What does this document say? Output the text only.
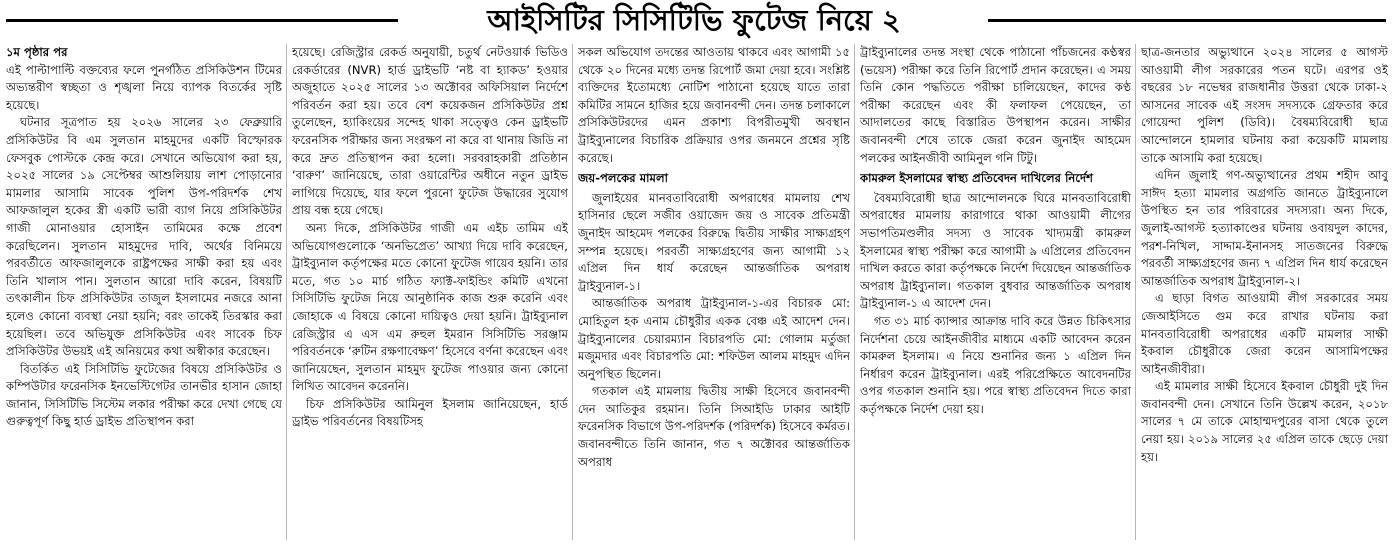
আইসিটির সিসিটিভি ফুটেজ নিয়ে ২

১ম পৃষ্ঠার পর

এই পাল্টাপাল্টি বক্তব্যের ফলে পুনর্গঠিত প্রসিকিউশন টিমের অভ্যন্তরীণ স্বচ্ছতা ও শৃঙ্খলা নিয়ে ব্যাপক বিতর্কের সৃষ্টি হয়েছে।

ঘটনার সূত্রপাত হয় ২০২৬ সালের ২৩ ফেব্রুয়ারি প্রসিকিউটর বি এম সুলতান মাহমুদের একটি বিস্ফোরক ফেসবুক পোস্টকে কেন্দ্র করে। সেখানে অভিযোগ করা হয়, ২০২৫ সালের ১৯ সেপ্টেম্বর আশুলিয়ায় লাশ পোড়ানোর মামলার আসামি সাবেক পুলিশ উপ-পরিদর্শক শেখ আফজালুল হকের স্ত্রী একটি ভারী ব্যাগ নিয়ে প্রসিকিউটর গাজী মোনাওয়ার হোসাইন তামিমের কক্ষে প্রবেশ করেছিলেন। সুলতান মাহমুদের দাবি, অর্থের বিনিময়ে পরবর্তীতে আফজালুলকে রাষ্ট্রপক্ষের সাক্ষী করা হয় এবং তিনি খালাস পান। সুলতান আরো দাবি করেন, বিষয়টি তৎকালীন চিফ প্রসিকিউটর তাজুল ইসলামের নজরে আনা হলেও কোনো ব্যবস্থা নেয়া হয়নি; বরং তাকেই তিরস্কার করা হয়েছিল। তবে অভিযুক্ত প্রসিকিউটর এবং সাবেক চিফ প্রসিকিউটর উভয়ই এই অনিয়মের কথা অস্বীকার করেছেন।

বিতর্কিত এই সিসিটিভি ফুটেজের বিষয়ে প্রসিকিউটর ও কম্পিউটার ফরেনসিক ইনভেস্টিগেটর তানভীর হাসান জোহা জানান, সিসিটিভি সিস্টেম লকার পরীক্ষা করে দেখা গেছে যে গুরুত্বপূর্ণ কিছু হার্ড ড্রাইভ প্রতিস্থাপন করা

হয়েছে। রেজিস্ট্রার রেকর্ড অনুযায়ী, চতুর্থ নেটওয়ার্ক ভিডিও রেকর্ডারের (NVR) হার্ড ড্রাইভটি ‘নষ্ট বা হ্যাকড’ হওয়ার অজুহাতে ২০২৫ সালের ১৩ অক্টোবর অফিসিয়াল নির্দেশে পরিবর্তন করা হয়। তবে বেশ কয়েকজন প্রসিকিউটর প্রশ্ন তুলেছেন, হ্যাকিংয়ের সন্দেহ থাকা সত্ত্বেও কেন ড্রাইভটি ফরেনসিক পরীক্ষার জন্য সংরক্ষণ না করে বা থানায় জিডি না করে দ্রুত প্রতিস্থাপন করা হলো। সরবরাহকারী প্রতিষ্ঠান ‘বারুণ’ জানিয়েছে, তারা ওয়ারেন্টির অধীনে নতুন ড্রাইভ লাগিয়ে দিয়েছে, যার ফলে পুরনো ফুটেজ উদ্ধারের সুযোগ প্রায় বন্ধ হয়ে গেছে।

অন্য দিকে, প্রসিকিউটর গাজী এম এইচ তামিম এই অভিযোগগুলোকে ‘অনভিপ্রেত’ আখ্যা দিয়ে দাবি করেছেন, ট্রাইব্যুনাল কর্তৃপক্ষের মতে কোনো ফুটেজ গায়েব হয়নি। তার মতে, গত ১০ মার্চ গঠিত ফ্যাক্ট-ফাইন্ডিং কমিটি এখনো সিসিটিভি ফুটেজ নিয়ে আনুষ্ঠানিক কাজ শুরু করেনি এবং জোহাকে এ বিষয়ে কোনো দায়িত্বও দেয়া হয়নি। ট্রাইব্যুনাল রেজিস্ট্রার এ এস এম রুহুল ইমরান সিসিটিভি সরঞ্জাম পরিবর্তনকে ‘রুটিন রক্ষণাবেক্ষণ’ হিসেবে বর্ণনা করেছেন এবং জানিয়েছেন, সুলতান মাহমুদ ফুটেজ পাওয়ার জন্য কোনো লিখিত আবেদন করেননি।

চিফ প্রসিকিউটর আমিনুল ইসলাম জানিয়েছেন, হার্ড ড্রাইভ পরিবর্তনের বিষয়টিসহ

সকল অভিযোগ তদন্তের আওতায় থাকবে এবং আগামী ১৫ থেকে ২০ দিনের মধ্যে তদন্ত রিপোর্ট জমা দেয়া হবে। সংশ্লিষ্ট ব্যক্তিদের ইতোমধ্যে নোটিশ পাঠানো হয়েছে যাতে তারা কমিটির সামনে হাজির হয়ে জবানবন্দী দেন। তদন্ত চলাকালে প্রসিকিউটরদের এমন প্রকাশ্য বিপরীতমুখী অবস্থান ট্রাইব্যুনালের বিচারিক প্রক্রিয়ার ওপর জনমনে প্রশ্নের সৃষ্টি করেছে।

জয়-পলকের মামলা

জুলাইয়ের মানবতাবিরোধী অপরাধের মামলায় শেখ হাসিনার ছেলে সজীব ওয়াজেদ জয় ও সাবেক প্রতিমন্ত্রী জুনাইদ আহমেদ পলকের বিরুদ্ধে দ্বিতীয় সাক্ষীর সাক্ষ্যগ্রহণ সম্পন্ন হয়েছে। পরবর্তী সাক্ষ্যগ্রহণের জন্য আগামী ১২ এপ্রিল দিন ধার্য করেছেন আন্তর্জাতিক অপরাধ ট্রাইব্যুনাল-১।

আন্তর্জাতিক অপরাধ ট্রাইব্যুনাল-১-এর বিচারক মো: মোহিতুল হক এনাম চৌধুরীর একক বেঞ্চ এই আদেশ দেন। ট্রাইব্যুনালের চেয়ারম্যান বিচারপতি মো: গোলাম মর্তুজা মজুমদার এবং বিচারপতি মো: শফিউল আলম মাহমুদ এদিন অনুপস্থিত ছিলেন।

গতকাল এই মামলায় দ্বিতীয় সাক্ষী হিসেবে জবানবন্দী দেন আতিকুর রহমান। তিনি সিআইডি ঢাকার আইটি ফরেনসিক বিভাগে উপ-পরিদর্শক (পরিদর্শক) হিসেবে কর্মরত। জবানবন্দীতে তিনি জানান, গত ৭ অক্টোবর আন্তর্জাতিক অপরাধ

ট্রাইব্যুনালের তদন্ত সংস্থা থেকে পাঠানো পাঁচজনের কণ্ঠস্বর (ভয়েস) পরীক্ষা করে তিনি রিপোর্ট প্রদান করেছেন। এ সময় তিনি কোন পদ্ধতিতে পরীক্ষা চালিয়েছেন, কাদের কণ্ঠ পরীক্ষা করেছেন এবং কী ফলাফল পেয়েছেন, তা আদালতের কাছে বিস্তারিত উপস্থাপন করেন। সাক্ষীর জবানবন্দী শেষে তাকে জেরা করেন জুনাইদ আহমেদ পলকের আইনজীবী আমিনুল গনি টিটু।

কামরুল ইসলামের স্বাস্থ্য প্রতিবেদন দাখিলের নির্দেশ

বৈষম্যবিরোধী ছাত্র আন্দোলনকে ঘিরে মানবতাবিরোধী অপরাধের মামলায় কারাগারে থাকা আওয়ামী লীগের সভাপতিমণ্ডলীর সদস্য ও সাবেক খাদ্যমন্ত্রী কামরুল ইসলামের স্বাস্থ্য পরীক্ষা করে আগামী ৯ এপ্রিলের প্রতিবেদন দাখিল করতে কারা কর্তৃপক্ষকে নির্দেশ দিয়েছেন আন্তর্জাতিক অপরাধ ট্রাইব্যুনাল। গতকাল বুধবার আন্তর্জাতিক অপরাধ ট্রাইব্যুনাল-১ এ আদেশ দেন।

গত ৩১ মার্চ ক্যান্সার আক্রান্ত দাবি করে উন্নত চিকিৎসার নির্দেশনা চেয়ে আইনজীবীর মাধ্যমে একটি আবেদন করেন কামরুল ইসলাম। এ নিয়ে শুনানির জন্য ১ এপ্রিল দিন নির্ধারণ করেন ট্রাইব্যুনাল। এরই পরিপ্রেক্ষিতে আবেদনটির ওপর গতকাল শুনানি হয়। পরে স্বাস্থ্য প্রতিবেদন দিতে কারা কর্তৃপক্ষকে নির্দেশ দেয়া হয়।

ছাত্র-জনতার অভ্যুত্থানে ২০২৪ সালের ৫ আগস্ট আওয়ামী লীগ সরকারের পতন ঘটে। এরপর ওই বছরের ১৮ নভেম্বর রাজধানীর উত্তরা থেকে ঢাকা-২ আসনের সাবেক এই সংসদ সদস্যকে গ্রেফতার করে গোয়েন্দা পুলিশ (ডিবি)। বৈষম্যবিরোধী ছাত্র আন্দোলনে হামলার ঘটনায় করা কয়েকটি মামলায় তাকে আসামি করা হয়েছে।

এদিন জুলাই গণ-অভ্যুত্থানের প্রথম শহীদ আবু সাঈদ হত্যা মামলার অগ্রগতি জানতে ট্রাইব্যুনালে উপস্থিত হন তার পরিবারের সদস্যরা। অন্য দিকে, জুলাই-আগস্ট হত্যাকাণ্ডের ঘটনায় ওবায়দুল কাদের, পরশ-নিখিল, সাদ্দাম-ইনানসহ সাতজনের বিরুদ্ধে পরবর্তী সাক্ষ্যগ্রহণের জন্য ৭ এপ্রিল দিন ধার্য করেছেন আন্তর্জাতিক অপরাধ ট্রাইব্যুনাল-২।

এ ছাড়া বিগত আওয়ামী লীগ সরকারের সময় জেআইসিতে গুম করে রাখার ঘটনায় করা মানবতাবিরোধী অপরাধের একটি মামলার সাক্ষী ইকবাল চৌধুরীকে জেরা করেন আসামিপক্ষের আইনজীবীরা।

এই মামলার সাক্ষী হিসেবে ইকবাল চৌধুরী দুই দিন জবানবন্দী দেন। সেখানে তিনি উল্লেখ করেন, ২০১৮ সালের ৭ মে তাকে মোহাম্মদপুরের বাসা থেকে তুলে নেয়া হয়। ২০১৯ সালের ২৫ এপ্রিল তাকে ছেড়ে দেয়া হয়।
